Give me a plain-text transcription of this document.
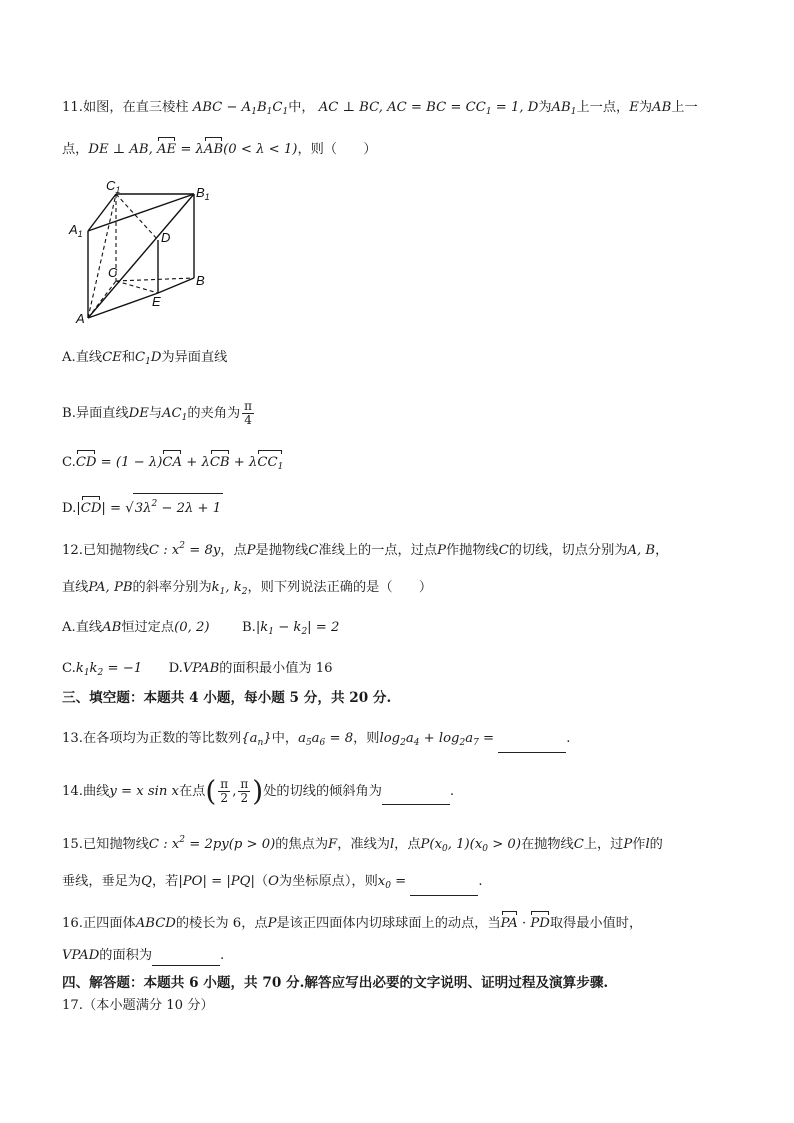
11.如图，在直三棱柱 ABC − $A_1B_1C_1$中， AC ⊥ BC, AC = BC = $CC_1 = 1$, D为$AB_1$上一点，E为AB上一
点，DE ⊥ AB, AE = λAB(0 < λ < 1)，则（　　）
$C_1$	$B_1$
$A_1$	D
C
B
E
A
A.直线CE和$C_1D$为异面直线
B.异面直线DE与$AC_1$的夹角为 $\frac{\pi}{4}$
C.CD = (1 − λ)CA + λCB + λCC$_1$
$D.|CD| = √3\lambda^2 - 2\lambda + 1$
12.已知抛物线C : $x^2 = 8y$，点P是抛物线C准线上的一点，过点P作抛物线C的切线，切点分别为A, B，
直线PA, PB的斜率分别为$k_1$, $k_2$，则下列说法正确的是（　　）
A.直线AB恒过定点(0, 2) $B.|k_1 - k_2| = 2$
$C.k_1k_2 = -1$ D.VPAB的面积最小值为 16
三、填空题：本题共 4 小题，每小题 5 分，共 20 分.
13.在各项均为正数的等比数列$\{a_n\}$中，$a_5a_6 = 8$，则$\log_2a_4 + \log_2a_7$ =	.
14.曲线y = x sin x在点( $\frac{\pi}{2}$ , $\frac{\pi}{2}$ )处的切线的倾斜角为	.
15.已知抛物线C : $x^2 = 2py(p > 0)$的焦点为F，准线为l，点$P(x_0$, $1)(x_0 > 0)$在抛物线C上，过P作l的
垂线，垂足为Q，若|PO| = |PQ|（O为坐标原点），则$x_0$ =	.
16.正四面体ABCD的棱长为 6，点P是该正四面体内切球球面上的动点，当PA · PD取得最小值时，
VPAD的面积为	.
四、解答题：本题共 6 小题，共 70 分.解答应写出必要的文字说明、证明过程及演算步骤.
17.（本小题满分 10 分）
